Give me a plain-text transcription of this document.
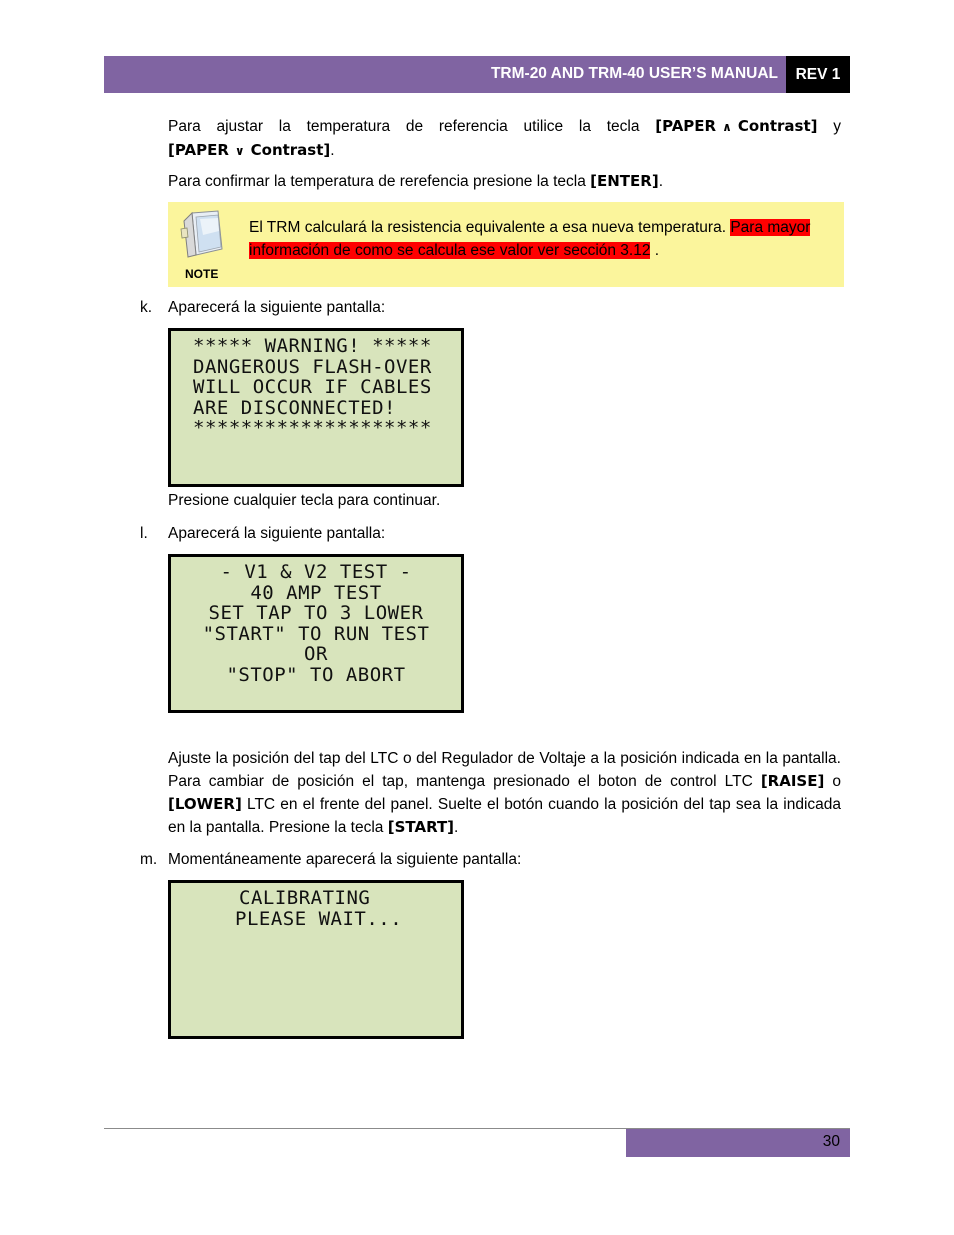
TRM-20 AND TRM-40 USER’S MANUAL	REV 1
Para ajustar la temperatura de referencia utilice la tecla [PAPER ∧ Contrast] y [PAPER ∨ Contrast].
Para confirmar la temperatura de rerefencia presione la tecla [ENTER].
NOTE
El TRM calculará la resistencia equivalente a esa nueva temperatura. Para mayor información de como se calcula ese valor ver sección 3.12 .
k. Aparecerá la siguiente pantalla:
***** WARNING! *****
DANGEROUS FLASH-OVER
WILL OCCUR IF CABLES
ARE DISCONNECTED!
********************
Presione cualquier tecla para continuar.
l. Aparecerá la siguiente pantalla:
- V1 & V2 TEST -
40 AMP TEST
SET TAP TO 3 LOWER
"START" TO RUN TEST
OR
"STOP" TO ABORT
Ajuste la posición del tap del LTC o del Regulador de Voltaje a la posición indicada en la pantalla. Para cambiar de posición el tap, mantenga presionado el boton de control LTC [RAISE] o [LOWER] LTC en el frente del panel. Suelte el botón cuando la posición del tap sea la indicada en la pantalla. Presione la tecla [START].
m. Momentáneamente aparecerá la siguiente pantalla:
CALIBRATING
PLEASE WAIT...
30
